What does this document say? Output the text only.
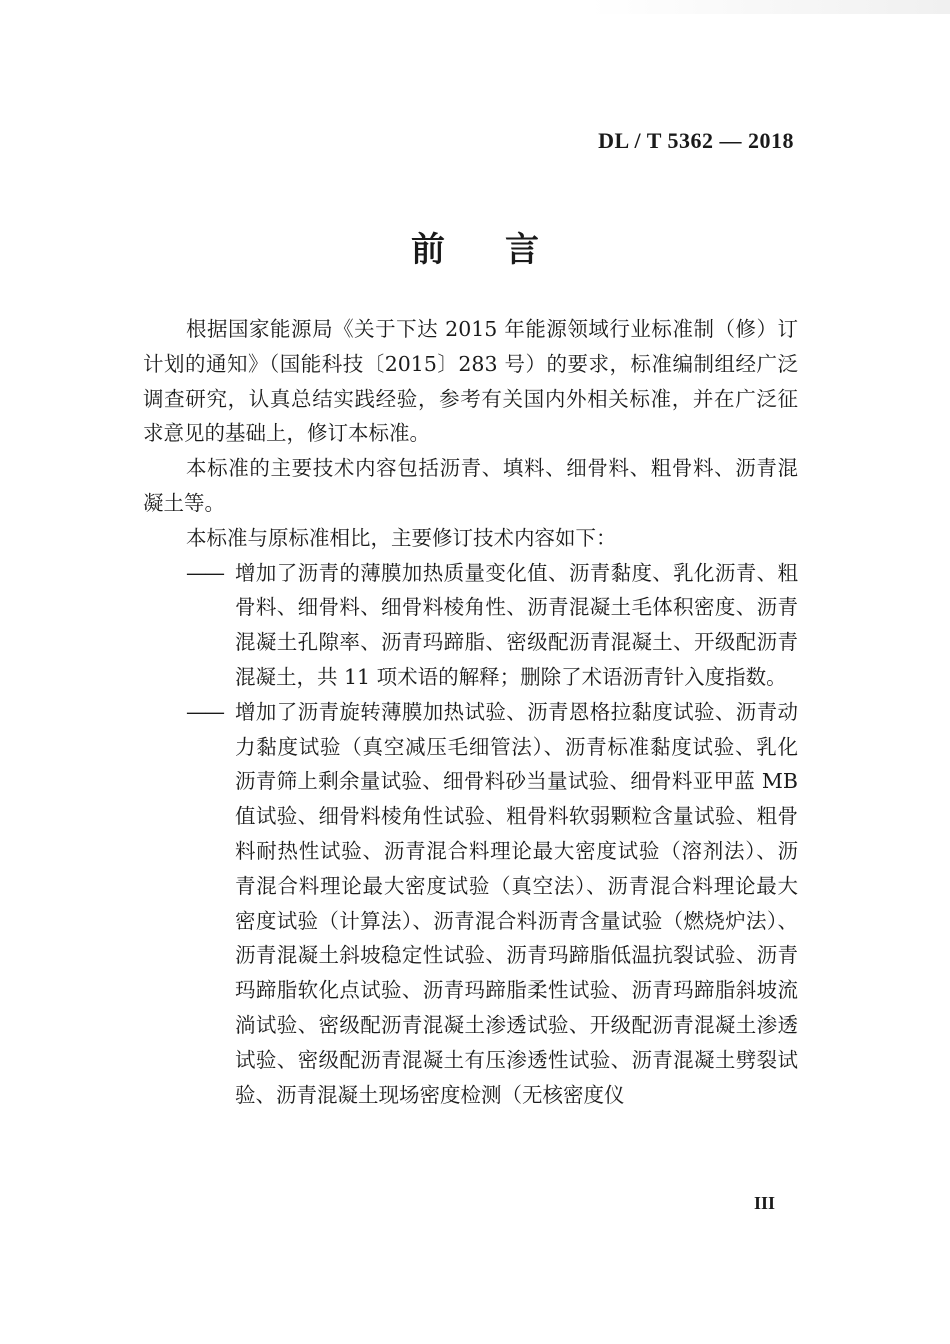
DL / T 5362 — 2018
前言

根据国家能源局《关于下达 2015 年能源领域行业标准制（修）订计划的通知》（国能科技〔2015〕283 号）的要求，标准编制组经广泛调查研究，认真总结实践经验，参考有关国内外相关标准，并在广泛征求意见的基础上，修订本标准。

本标准的主要技术内容包括沥青、填料、细骨料、粗骨料、沥青混凝土等。

本标准与原标准相比，主要修订技术内容如下：

—— 增加了沥青的薄膜加热质量变化值、沥青黏度、乳化沥青、粗骨料、细骨料、细骨料棱角性、沥青混凝土毛体积密度、沥青混凝土孔隙率、沥青玛蹄脂、密级配沥青混凝土、开级配沥青混凝土，共 11 项术语的解释；删除了术语沥青针入度指数。
—— 增加了沥青旋转薄膜加热试验、沥青恩格拉黏度试验、沥青动力黏度试验（真空减压毛细管法）、沥青标准黏度试验、乳化沥青筛上剩余量试验、细骨料砂当量试验、细骨料亚甲蓝 MB 值试验、细骨料棱角性试验、粗骨料软弱颗粒含量试验、粗骨料耐热性试验、沥青混合料理论最大密度试验（溶剂法）、沥青混合料理论最大密度试验（真空法）、沥青混合料理论最大密度试验（计算法）、沥青混合料沥青含量试验（燃烧炉法）、沥青混凝土斜坡稳定性试验、沥青玛蹄脂低温抗裂试验、沥青玛蹄脂软化点试验、沥青玛蹄脂柔性试验、沥青玛蹄脂斜坡流淌试验、密级配沥青混凝土渗透试验、开级配沥青混凝土渗透试验、密级配沥青混凝土有压渗透性试验、沥青混凝土劈裂试验、沥青混凝土现场密度检测（无核密度仪
III
